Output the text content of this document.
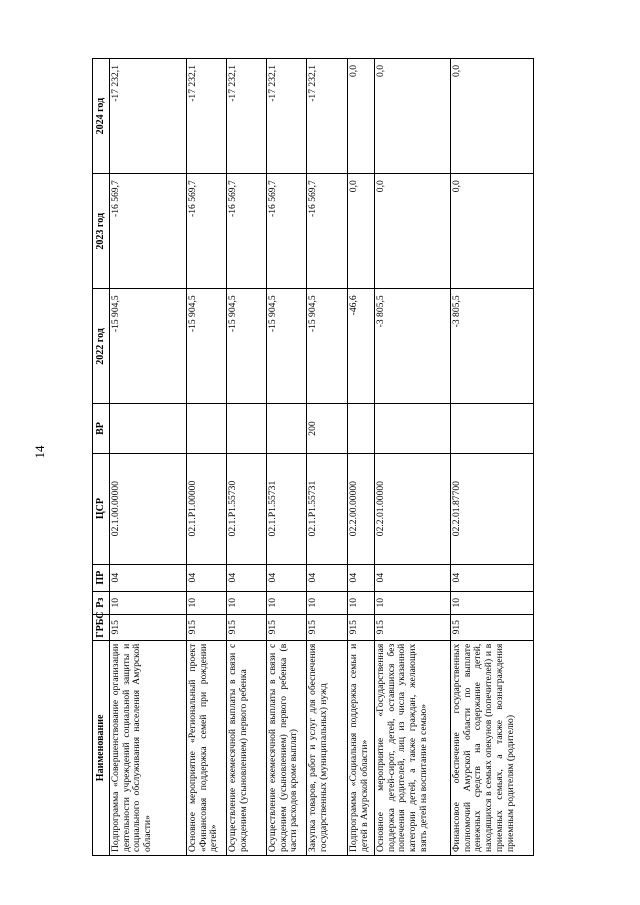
14
Наименование	ГРБС	Рз	ПР	ЦСР	ВР	2022 год	2023 год	2024 год
Подпрограмма «Совершенствование организации деятельности учреждений социальной защиты и социального обслуживания населения Амурской области»	915	10	04	02.1.00.00000		-15 904,5	-16 569,7	-17 232,1
Основное мероприятие «Региональный проект «Финансовая поддержка семей при рождении детей»	915	10	04	02.1.P1.00000		-15 904,5	-16 569,7	-17 232,1
Осуществление ежемесячной выплаты в связи с рождением (усыновлением) первого ребенка	915	10	04	02.1.P1.55730		-15 904,5	-16 569,7	-17 232,1
Осуществление ежемесячной выплаты в связи с рождением (усыновлением) первого ребенка (в части расходов кроме выплат)	915	10	04	02.1.P1.55731		-15 904,5	-16 569,7	-17 232,1
Закупка товаров, работ и услуг для обеспечения государственных (муниципальных) нужд	915	10	04	02.1.P1.55731	200	-15 904,5	-16 569,7	-17 232,1
Подпрограмма «Социальная поддержка семьи и детей в Амурской области»	915	10	04	02.2.00.00000		-46,6	0,0	0,0
Основное мероприятие «Государственная поддержка детей-сирот, детей, оставшихся без попечения родителей, лиц из числа указанной категории детей, а также граждан, желающих взять детей на воспитание в семью»	915	10	04	02.2.01.00000		-3 805,5	0,0	0,0
Финансовое обеспечение государственных полномочий Амурской области по выплате денежных средств на содержание детей, находящихся в семьях опекунов (попечителей) и в приемных семьях, а также вознаграждения приемным родителям (родителю)	915	10	04	02.2.01.87700		-3 805,5	0,0	0,0
